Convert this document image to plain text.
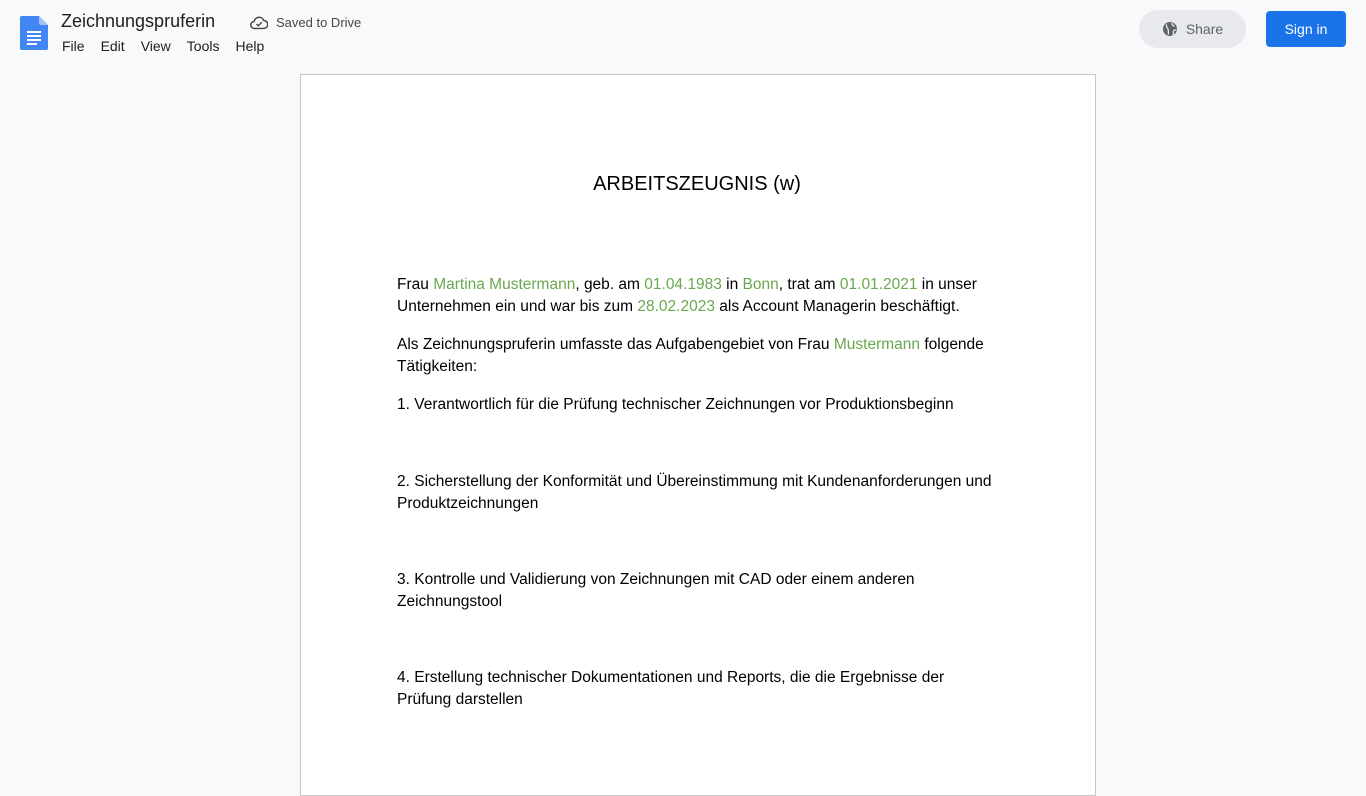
Zeichnungspruferin	Saved to Drive
File	Edit	View	Tools	Help
Share	Sign in
ARBEITSZEUGNIS (w)
Frau Martina Mustermann, geb. am 01.04.1983 in Bonn, trat am 01.01.2021 in unser Unternehmen ein und war bis zum 28.02.2023 als Account Managerin beschäftigt.
Als Zeichnungspruferin umfasste das Aufgabengebiet von Frau Mustermann folgende Tätigkeiten:
1. Verantwortlich für die Prüfung technischer Zeichnungen vor Produktionsbeginn
2. Sicherstellung der Konformität und Übereinstimmung mit Kundenanforderungen und Produktzeichnungen
3. Kontrolle und Validierung von Zeichnungen mit CAD oder einem anderen Zeichnungstool
4. Erstellung technischer Dokumentationen und Reports, die die Ergebnisse der Prüfung darstellen
